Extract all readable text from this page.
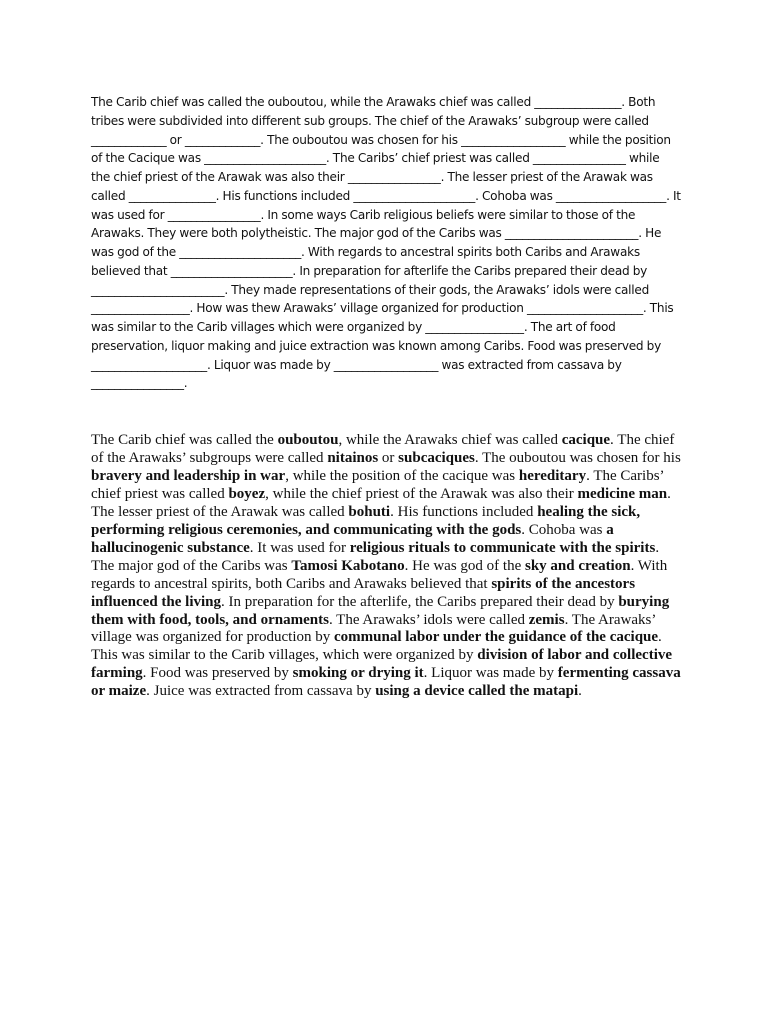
The Carib chief was called the ouboutou, while the Arawaks chief was called _______________. Both tribes were subdivided into different sub groups. The chief of the Arawaks’ subgroup were called _____________ or _____________. The ouboutou was chosen for his __________________ while the position of the Cacique was _____________________. The Caribs’ chief priest was called ________________ while the chief priest of the Arawak was also their ________________. The lesser priest of the Arawak was called _______________. His functions included _____________________. Cohoba was ___________________. It was used for ________________. In some ways Carib religious beliefs were similar to those of the Arawaks. They were both polytheistic. The major god of the Caribs was _______________________. He was god of the _____________________. With regards to ancestral spirits both Caribs and Arawaks believed that _____________________. In preparation for afterlife the Caribs prepared their dead by _______________________. They made representations of their gods, the Arawaks’ idols were called _________________. How was thew Arawaks’ village organized for production ____________________. This was similar to the Carib villages which were organized by _________________. The art of food preservation, liquor making and juice extraction was known among Caribs. Food was preserved by ____________________. Liquor was made by __________________ was extracted from cassava by ________________.

The Carib chief was called the ouboutou, while the Arawaks chief was called cacique. The chief of the Arawaks’ subgroups were called nitainos or subcaciques. The ouboutou was chosen for his bravery and leadership in war, while the position of the cacique was hereditary. The Caribs’ chief priest was called boyez, while the chief priest of the Arawak was also their medicine man. The lesser priest of the Arawak was called bohuti. His functions included healing the sick, performing religious ceremonies, and communicating with the gods. Cohoba was a hallucinogenic substance. It was used for religious rituals to communicate with the spirits. The major god of the Caribs was Tamosi Kabotano. He was god of the sky and creation. With regards to ancestral spirits, both Caribs and Arawaks believed that spirits of the ancestors influenced the living. In preparation for the afterlife, the Caribs prepared their dead by burying them with food, tools, and ornaments. The Arawaks’ idols were called zemis. The Arawaks’ village was organized for production by communal labor under the guidance of the cacique. This was similar to the Carib villages, which were organized by division of labor and collective farming. Food was preserved by smoking or drying it. Liquor was made by fermenting cassava or maize. Juice was extracted from cassava by using a device called the matapi.
